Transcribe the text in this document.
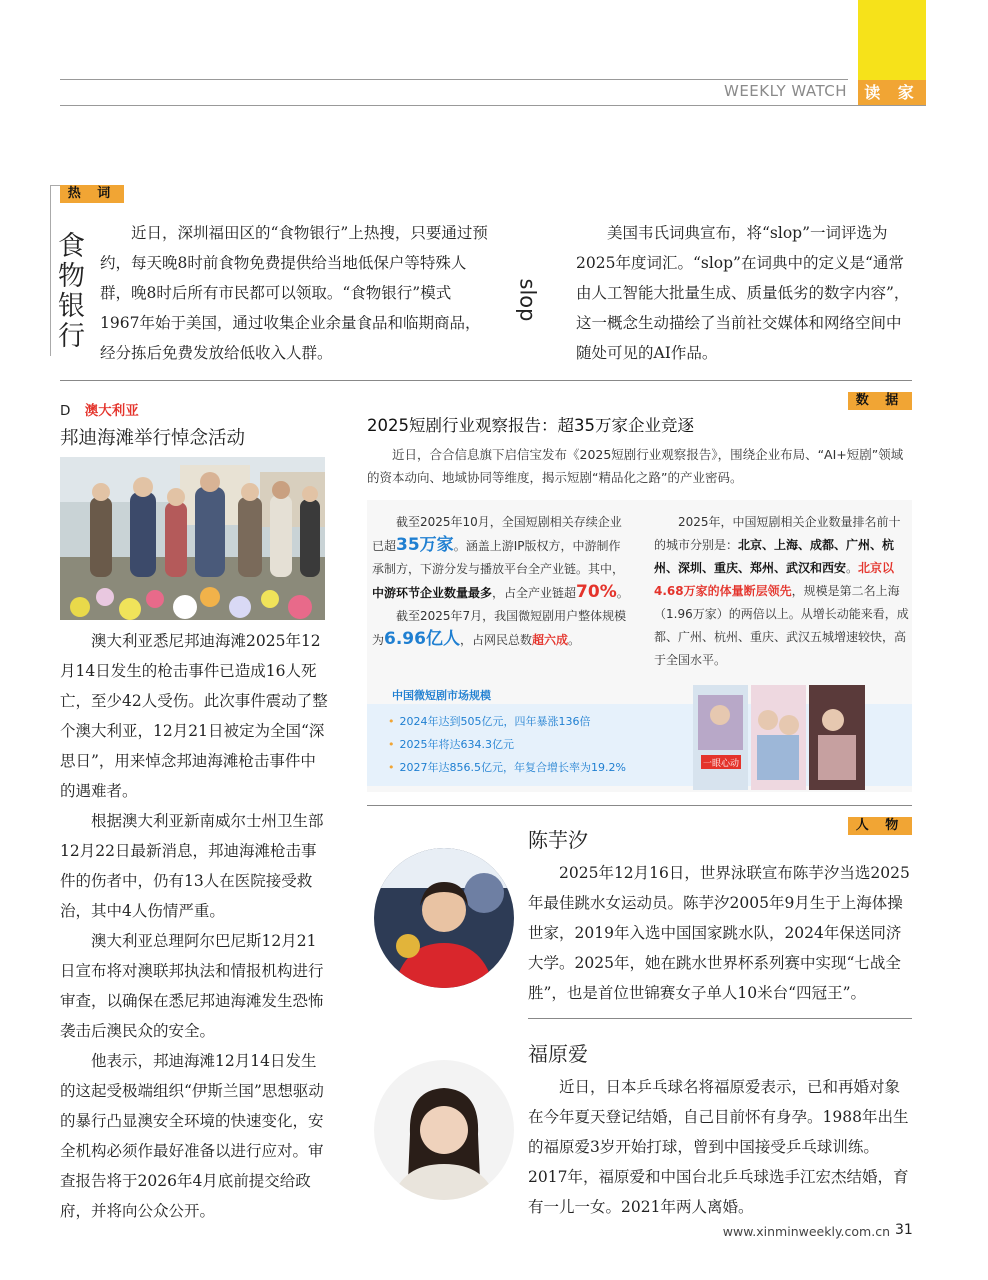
WEEKLY WATCH	读 家
热 词
食物银行

近日，深圳福田区的“食物银行”上热搜，只要通过预约，每天晚8时前食物免费提供给当地低保户等特殊人群，晚8时后所有市民都可以领取。“食物银行”模式1967年始于美国，通过收集企业余量食品和临期商品，经分拣后免费发放给低收入人群。

slop

美国韦氏词典宣布，将“slop”一词评选为2025年度词汇。“slop”在词典中的定义是“通常由人工智能大批量生成、质量低劣的数字内容”，这一概念生动描绘了当前社交媒体和网络空间中随处可见的AI作品。

D 澳大利亚
邦迪海滩举行悼念活动

澳大利亚悉尼邦迪海滩2025年12月14日发生的枪击事件已造成16人死亡，至少42人受伤。此次事件震动了整个澳大利亚，12月21日被定为全国“深思日”，用来悼念邦迪海滩枪击事件中的遇难者。

根据澳大利亚新南威尔士州卫生部12月22日最新消息，邦迪海滩枪击事件的伤者中，仍有13人在医院接受救治，其中4人伤情严重。

澳大利亚总理阿尔巴尼斯12月21日宣布将对澳联邦执法和情报机构进行审查，以确保在悉尼邦迪海滩发生恐怖袭击后澳民众的安全。

他表示，邦迪海滩12月14日发生的这起受极端组织“伊斯兰国”思想驱动的暴行凸显澳安全环境的快速变化，安全机构必须作最好准备以进行应对。审查报告将于2026年4月底前提交给政府，并将向公众公开。

数 据
2025短剧行业观察报告：超35万家企业竞逐

近日，合合信息旗下启信宝发布《2025短剧行业观察报告》，围绕企业布局、“AI+短剧”领域的资本动向、地域协同等维度，揭示短剧“精品化之路”的产业密码。

截至2025年10月，全国短剧相关存续企业已超35万家。涵盖上游IP版权方，中游制作承制方，下游分发与播放平台全产业链。其中，中游环节企业数量最多，占全产业链超70%。

截至2025年7月，我国微短剧用户整体规模为6.96亿人，占网民总数超六成。

2025年，中国短剧相关企业数量排名前十的城市分别是：北京、上海、成都、广州、杭州、深圳、重庆、郑州、武汉和西安。北京以4.68万家的体量断层领先，规模是第二名上海（1.96万家）的两倍以上。从增长动能来看，成都、广州、杭州、重庆、武汉五城增速较快，高于全国水平。

中国微短剧市场规模
• 2024年达到505亿元，四年暴涨136倍
• 2025年将达634.3亿元
• 2027年达856.5亿元，年复合增长率为19.2%	一眼心动
人 物
陈芋汐

2025年12月16日，世界泳联宣布陈芋汐当选2025年最佳跳水女运动员。陈芋汐2005年9月生于上海体操世家，2019年入选中国国家跳水队，2024年保送同济大学。2025年，她在跳水世界杯系列赛中实现“七战全胜”，也是首位世锦赛女子单人10米台“四冠王”。

福原爱

近日，日本乒乓球名将福原爱表示，已和再婚对象在今年夏天登记结婚，自己目前怀有身孕。1988年出生的福原爱3岁开始打球，曾到中国接受乒乓球训练。2017年，福原爱和中国台北乒乓球选手江宏杰结婚，育有一儿一女。2021年两人离婚。

www.xinminweekly.com.cn 31
